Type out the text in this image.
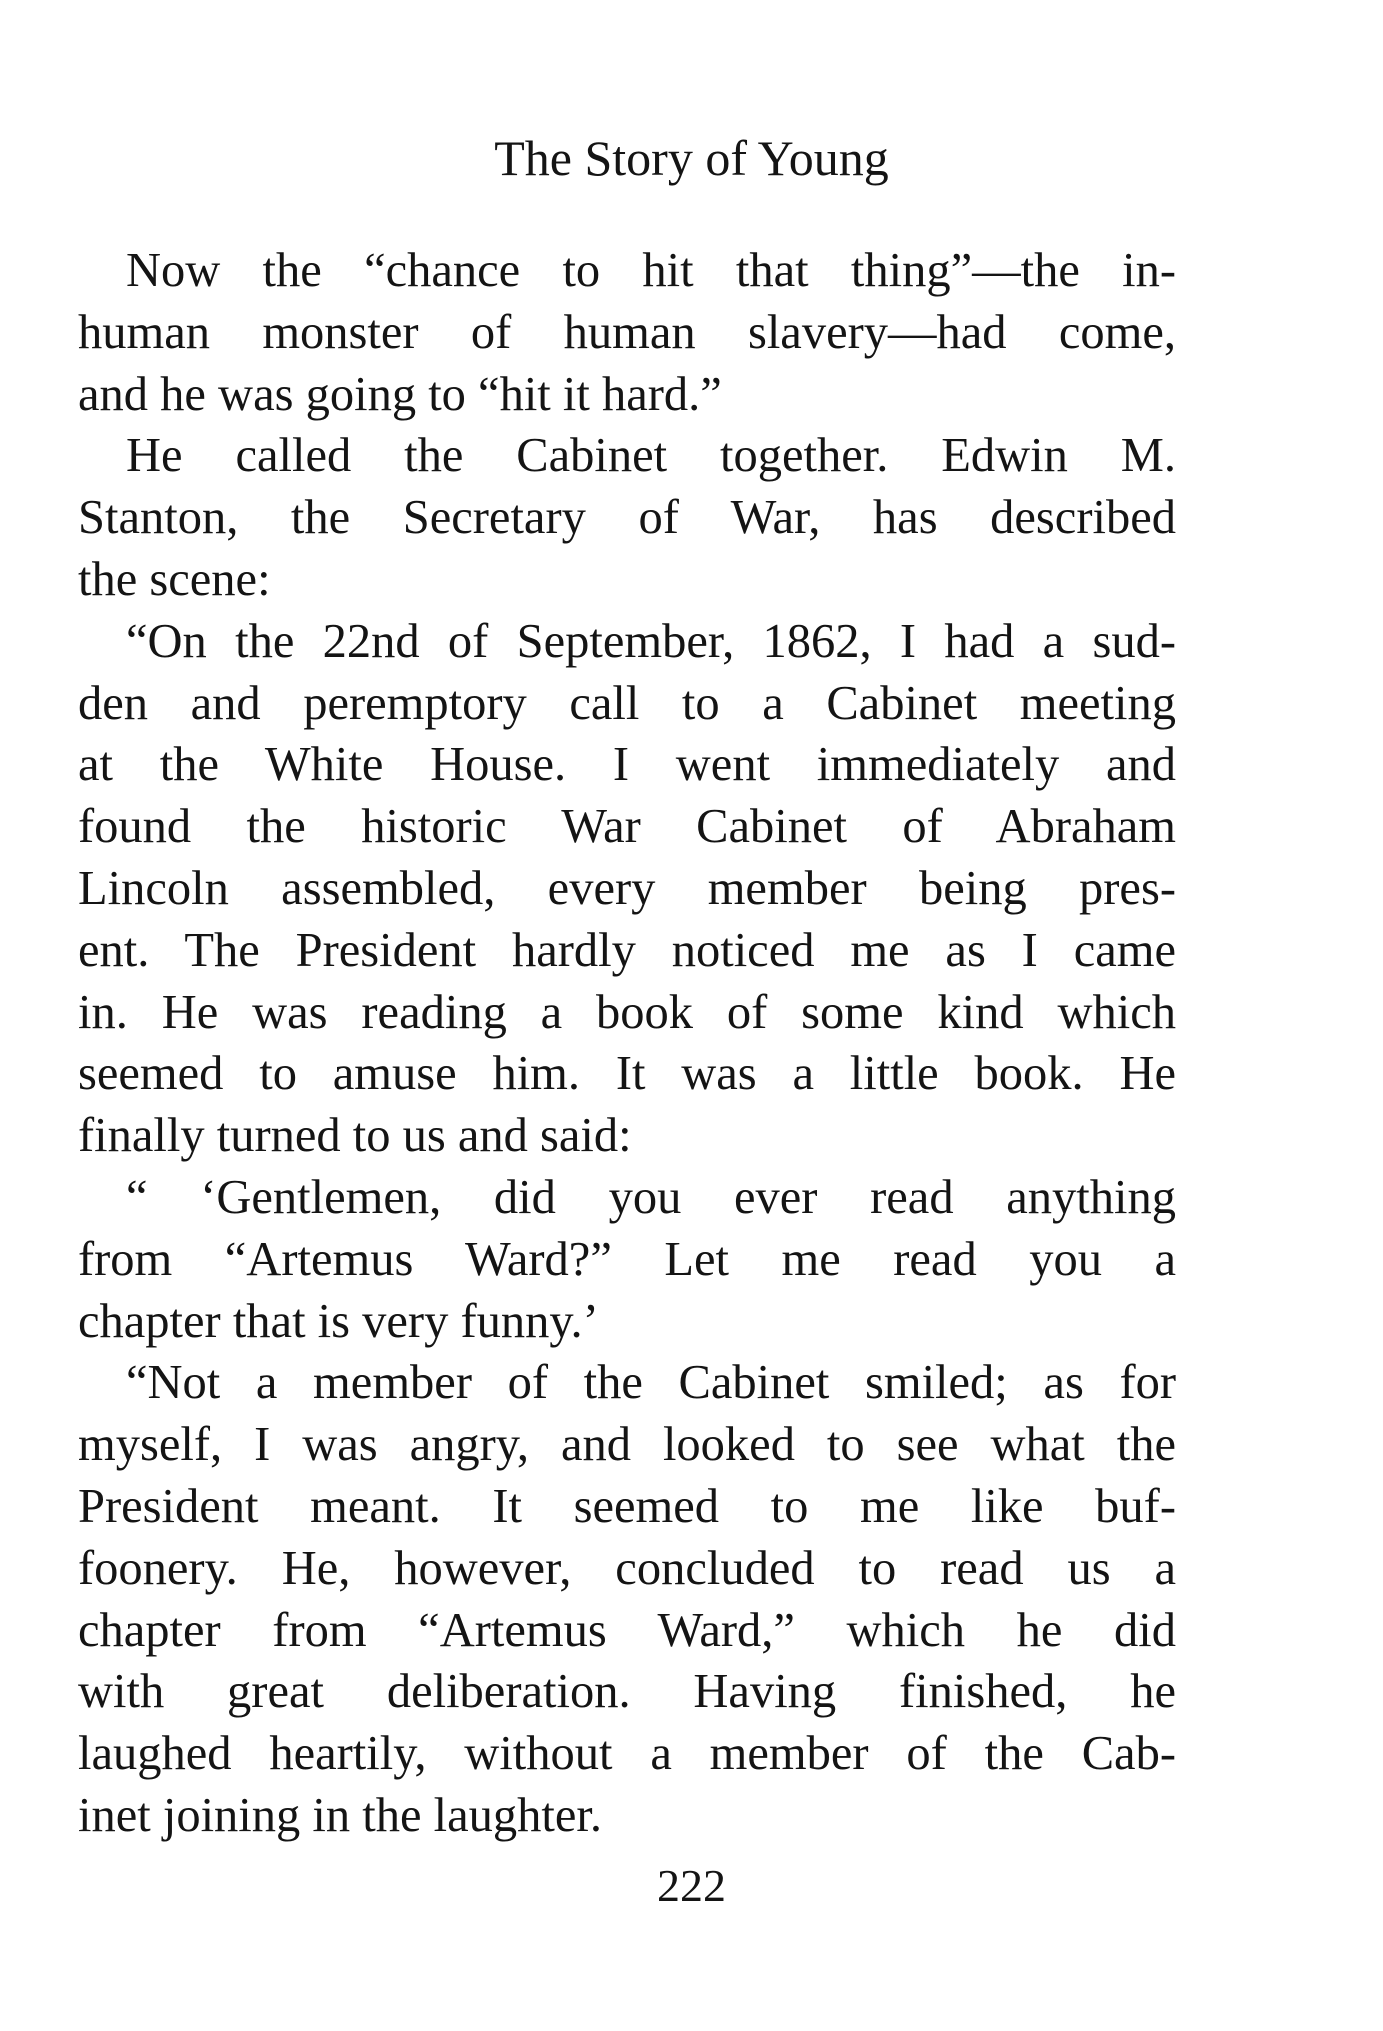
The Story of Young
Now the “chance to hit that thing”—the in-
human monster of human slavery—had come,
and he was going to “hit it hard.”
He called the Cabinet together. Edwin M.
Stanton, the Secretary of War, has described
the scene:
“On the 22nd of September, 1862, I had a sud-
den and peremptory call to a Cabinet meeting
at the White House. I went immediately and
found the historic War Cabinet of Abraham
Lincoln assembled, every member being pres-
ent. The President hardly noticed me as I came
in. He was reading a book of some kind which
seemed to amuse him. It was a little book. He
finally turned to us and said:
“ ‘Gentlemen, did you ever read anything
from “Artemus Ward?” Let me read you a
chapter that is very funny.’
“Not a member of the Cabinet smiled; as for
myself, I was angry, and looked to see what the
President meant. It seemed to me like buf-
foonery. He, however, concluded to read us a
chapter from “Artemus Ward,” which he did
with great deliberation. Having finished, he
laughed heartily, without a member of the Cab-
inet joining in the laughter.
222
